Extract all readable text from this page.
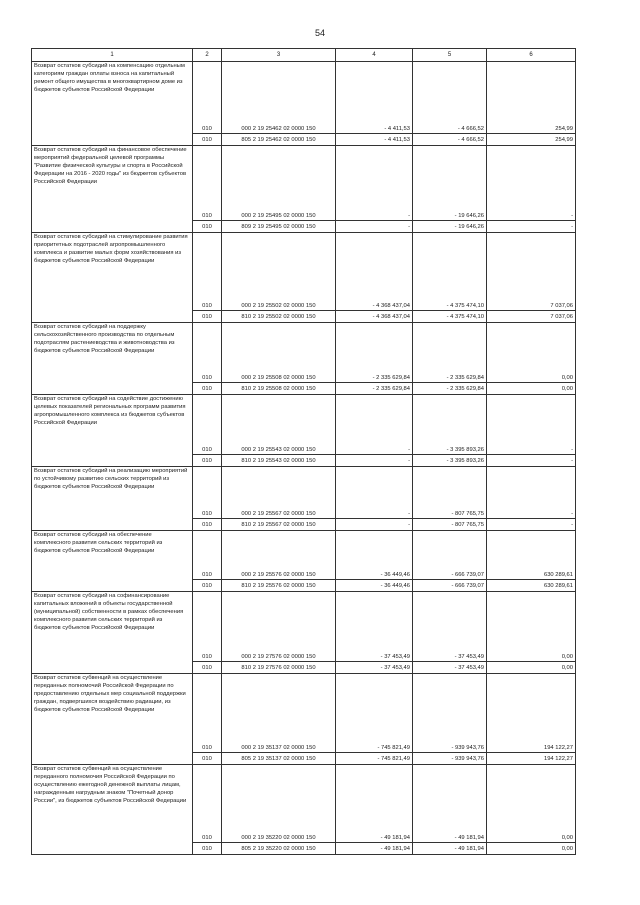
54
1	2	3	4	5	6
Возврат остатков субсидий на компенсацию отдельным категориям граждан оплаты взноса на капитальный ремонт общего имущества в многоквартирном доме из бюджетов субъектов Российской Федерации	010	000 2 19 25462 02 0000 150	- 4 411,53	- 4 666,52	254,99
	010	805 2 19 25462 02 0000 150	- 4 411,53	- 4 666,52	254,99
Возврат остатков субсидий на финансовое обеспечение мероприятий федеральной целевой программы "Развитие физической культуры и спорта в Российской Федерации на 2016 - 2020 годы" из бюджетов субъектов Российской Федерации	010	000 2 19 25495 02 0000 150	-	- 19 646,26	-
	010	809 2 19 25495 02 0000 150	-	- 19 646,26	-
Возврат остатков субсидий на стимулирование развития приоритетных подотраслей агропромышленного комплекса и развитие малых форм хозяйствования из бюджетов субъектов Российской Федерации	010	000 2 19 25502 02 0000 150	- 4 368 437,04	- 4 375 474,10	7 037,06
	010	810 2 19 25502 02 0000 150	- 4 368 437,04	- 4 375 474,10	7 037,06
Возврат остатков субсидий на поддержку сельскохозяйственного производства по отдельным подотраслям растениеводства и животноводства из бюджетов субъектов Российской Федерации	010	000 2 19 25508 02 0000 150	- 2 335 629,84	- 2 335 629,84	0,00
	010	810 2 19 25508 02 0000 150	- 2 335 629,84	- 2 335 629,84	0,00
Возврат остатков субсидий на содействие достижению целевых показателей региональных программ развития агропромышленного комплекса из бюджетов субъектов Российской Федерации	010	000 2 19 25543 02 0000 150	-	- 3 395 893,26	-
	010	810 2 19 25543 02 0000 150	-	- 3 395 893,26	-
Возврат остатков субсидий на реализацию мероприятий по устойчивому развитию сельских территорий из бюджетов субъектов Российской Федерации	010	000 2 19 25567 02 0000 150	-	- 807 765,75	-
	010	810 2 19 25567 02 0000 150	-	- 807 765,75	-
Возврат остатков субсидий на обеспечение комплексного развития сельских территорий из бюджетов субъектов Российской Федерации	010	000 2 19 25576 02 0000 150	- 36 449,46	- 666 739,07	630 289,61
	010	810 2 19 25576 02 0000 150	- 36 449,46	- 666 739,07	630 289,61
Возврат остатков субсидий на софинансирование капитальных вложений в объекты государственной (муниципальной) собственности в рамках обеспечения комплексного развития сельских территорий из бюджетов субъектов Российской Федерации	010	000 2 19 27576 02 0000 150	- 37 453,49	- 37 453,49	0,00
	010	810 2 19 27576 02 0000 150	- 37 453,49	- 37 453,49	0,00
Возврат остатков субвенций на осуществление переданных полномочий Российской Федерации по предоставлению отдельных мер социальной поддержки граждан, подвергшихся воздействию радиации, из бюджетов субъектов Российской Федерации	010	000 2 19 35137 02 0000 150	- 745 821,49	- 939 943,76	194 122,27
	010	805 2 19 35137 02 0000 150	- 745 821,49	- 939 943,76	194 122,27
Возврат остатков субвенций на осуществление переданного полномочия Российской Федерации по осуществлению ежегодной денежной выплаты лицам, награжденным нагрудным знаком "Почетный донор России", из бюджетов субъектов Российской Федерации	010	000 2 19 35220 02 0000 150	- 49 181,94	- 49 181,94	0,00
	010	805 2 19 35220 02 0000 150	- 49 181,94	- 49 181,94	0,00
